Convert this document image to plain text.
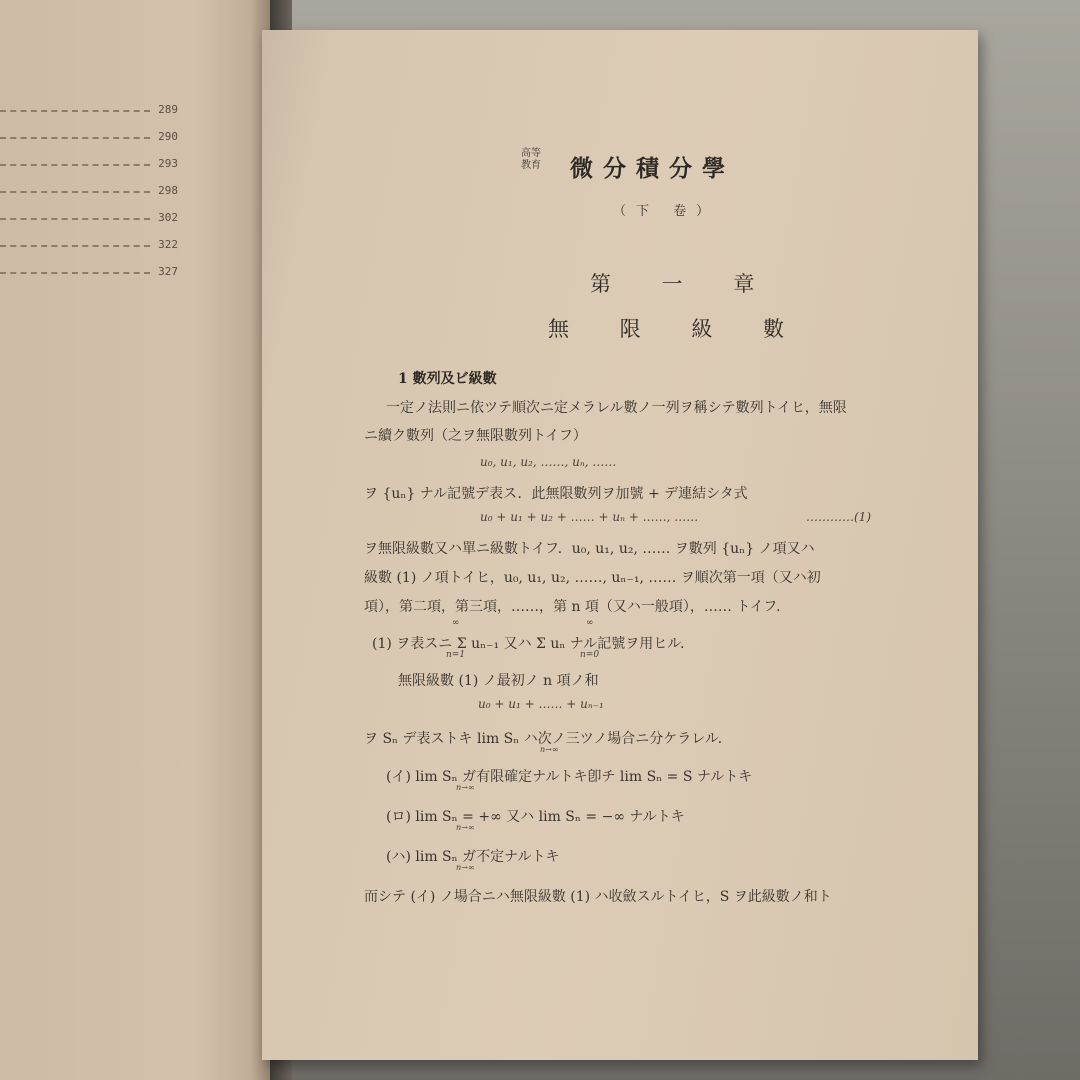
289
290
293
298
302
322
327
高等
教育 微分積分學
（下 卷）
第 一 章
無 限 級 數
1 數列及ビ級數
一定ノ法則ニ依ツテ順次ニ定メラレル數ノ一列ヲ稱シテ數列トイヒ，無限
ニ續ク數列（之ヲ無限數列トイフ）
u₀, u₁, u₂, ……, uₙ, ……
ヲ {uₙ} ナル記號デ表ス．此無限數列ヲ加號 + デ連結シタ式
u₀ + u₁ + u₂ + …… + uₙ + ……, ……	…………(1)
ヲ無限級數又ハ單ニ級數トイフ．u₀, u₁, u₂, …… ヲ數列 {uₙ} ノ項又ハ
級數 (1) ノ項トイヒ，u₀, u₁, u₂, ……, uₙ₋₁, …… ヲ順次第一項（又ハ初
項），第二項，第三項，……，第 n 項（又ハ一般項），…… トイフ．
(1) ヲ表スニ Σ uₙ₋₁ 又ハ Σ uₙ ナル記號ヲ用ヒル．
∞
n=1
∞
n=0
無限級數 (1) ノ最初ノ n 項ノ和
u₀ + u₁ + …… + uₙ₋₁
ヲ Sₙ デ表ストキ lim Sₙ ハ次ノ三ツノ場合ニ分ケラレル．
n→∞
(イ) lim Sₙ ガ有限確定ナルトキ卽チ lim Sₙ = S ナルトキ
n→∞
(ロ) lim Sₙ = +∞ 又ハ lim Sₙ = −∞ ナルトキ
n→∞
(ハ) lim Sₙ ガ不定ナルトキ
n→∞
而シテ (イ) ノ場合ニハ無限級數 (1) ハ收斂スルトイヒ，S ヲ此級數ノ和ト
